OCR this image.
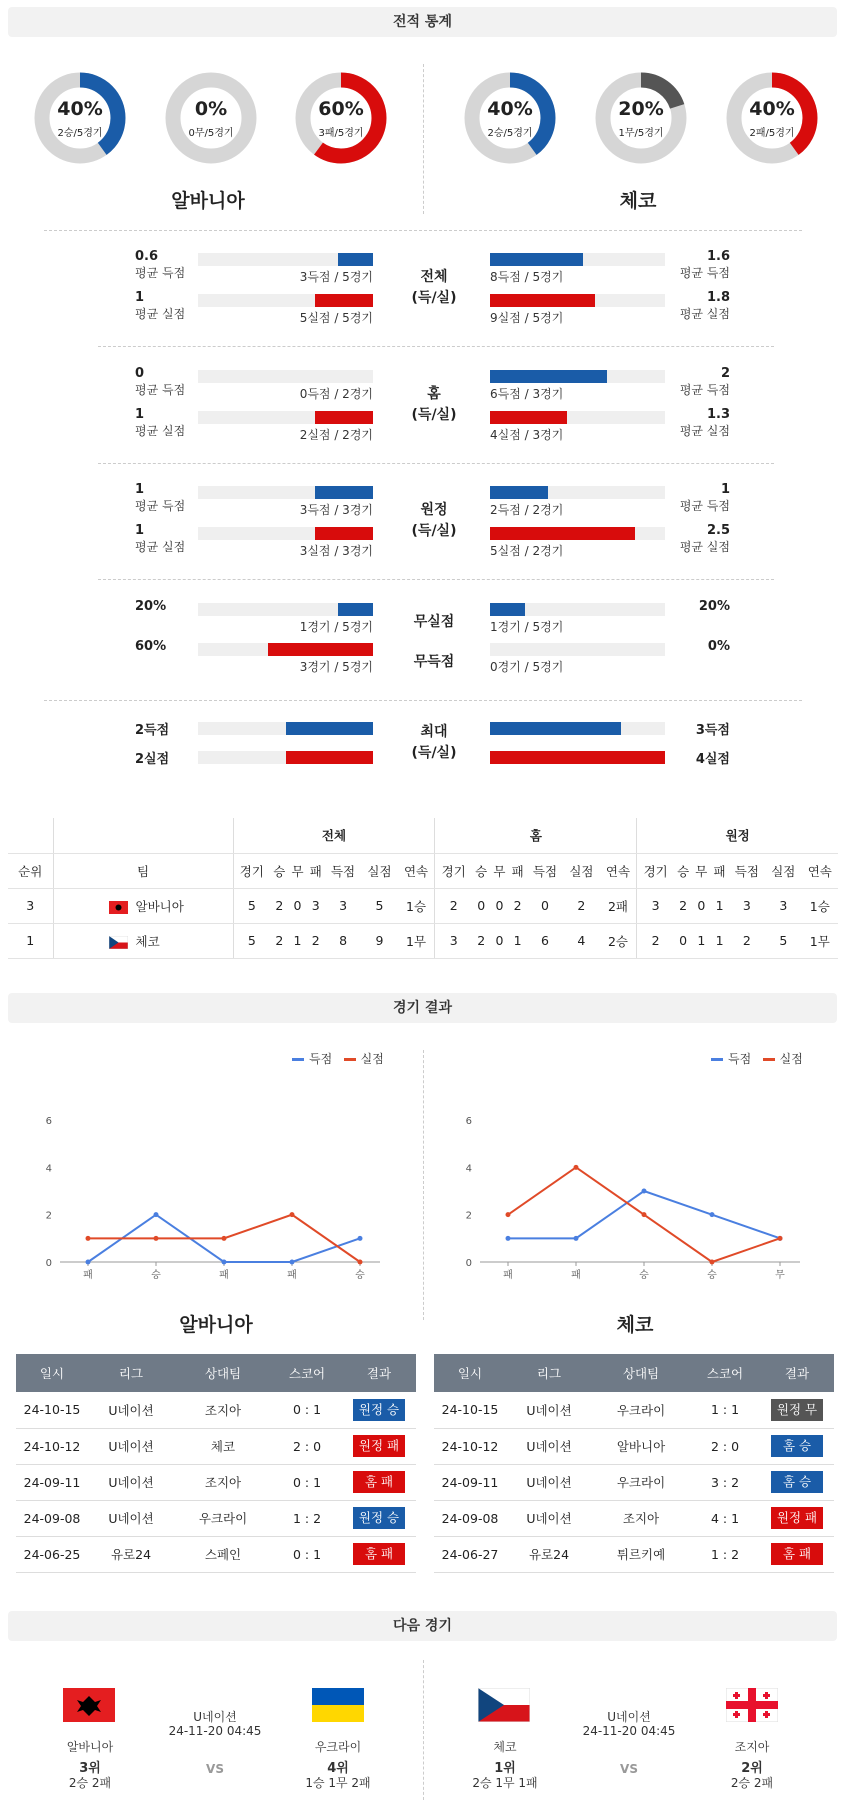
전적 통계
알바니아	체코
		전체							홈							원정						
순위	팀	경기	승	무	패	득점	실점	연속	경기	승	무	패	득점	실점	연속	경기	승	무	패	득점	실점	연속
3	알바니아	5	2	0	3	3	5	1승	2	0	0	2	0	2	2패	3	2	0	1	3	3	1승
1	체코	5	2	1	2	8	9	1무	3	2	0	1	6	4	2승	2	0	1	1	2	5	1무
경기 결과
득점 실점	득점 실점
0
2
4
6
패	승	패	패	승
0
2
4
6
패	패	승	승	무
알바니아	체코
일시	리그	상대팀	스코어	결과
24-10-15	U네이션	조지아	0 : 1	원정 승
24-10-12	U네이션	체코	2 : 0	원정 패
24-09-11	U네이션	조지아	0 : 1	홈 패
24-09-08	U네이션	우크라이	1 : 2	원정 승
24-06-25	유로24	스페인	0 : 1	홈 패
일시	리그	상대팀	스코어	결과
24-10-15	U네이션	우크라이	1 : 1	원정 무
24-10-12	U네이션	알바니아	2 : 0	홈 승
24-09-11	U네이션	우크라이	3 : 2	홈 승
24-09-08	U네이션	조지아	4 : 1	원정 패
24-06-27	유로24	튀르키예	1 : 2	홈 패
다음 경기
알바니아
3위
2승 2패
U네이션
24-11-20 04:45
VS
우크라이
4위
1승 1무 2패
체코
1위
2승 1무 1패
U네이션
24-11-20 04:45
VS
조지아
2위
2승 2패
40%
2승/5경기
0%
0무/5경기
60%
3패/5경기
40%
2승/5경기
20%
1무/5경기
40%
2패/5경기
0.6
평균 득점	3득점 / 5경기	8득점 / 5경기
1.6
평균 득점
1
평균 실점	5실점 / 5경기	9실점 / 5경기
1.8
평균 실점
전체
(득/실)
0
평균 득점	0득점 / 2경기	6득점 / 3경기
2
평균 득점
1
평균 실점	2실점 / 2경기	4실점 / 3경기
1.3
평균 실점
홈
(득/실)
1
평균 득점	3득점 / 3경기	2득점 / 2경기
1
평균 득점
1
평균 실점	3실점 / 3경기	5실점 / 2경기
2.5
평균 실점
원정
(득/실)
20%
1경기 / 5경기	1경기 / 5경기
20%
무실점
60%
3경기 / 5경기	0경기 / 5경기
0%
무득점
2득점	3득점
2실점	4실점
최대
(득/실)
